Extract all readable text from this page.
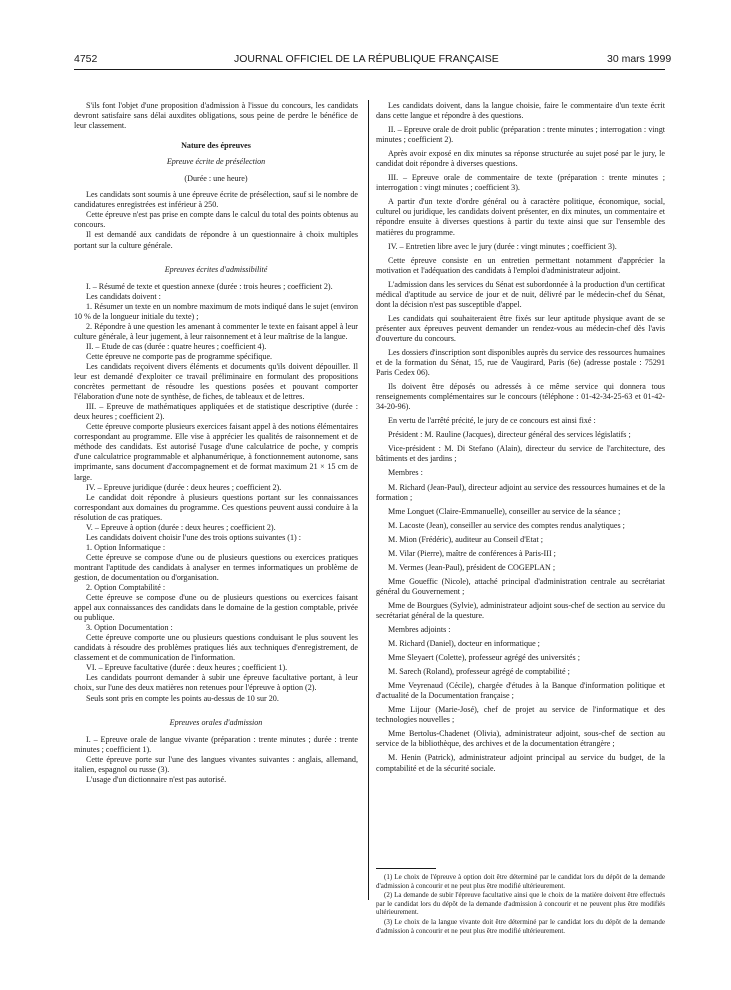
4752	JOURNAL OFFICIEL DE LA RÉPUBLIQUE FRANÇAISE	30 mars 1999

S'ils font l'objet d'une proposition d'admission à l'issue du concours, les candidats devront satisfaire sans délai auxdites obligations, sous peine de perdre le bénéfice de leur classement.

Nature des épreuves
Epreuve écrite de présélection
(Durée : une heure)

Les candidats sont soumis à une épreuve écrite de présélection, sauf si le nombre de candidatures enregistrées est inférieur à 250.

Cette épreuve n'est pas prise en compte dans le calcul du total des points obtenus au concours.

Il est demandé aux candidats de répondre à un questionnaire à choix multiples portant sur la culture générale.

Epreuves écrites d'admissibilité

I. – Résumé de texte et question annexe (durée : trois heures ; coefficient 2).

Les candidats doivent :

1. Résumer un texte en un nombre maximum de mots indiqué dans le sujet (environ 10 % de la longueur initiale du texte) ;

2. Répondre à une question les amenant à commenter le texte en faisant appel à leur culture générale, à leur jugement, à leur raisonnement et à leur maîtrise de la langue.

II. – Etude de cas (durée : quatre heures ; coefficient 4).

Cette épreuve ne comporte pas de programme spécifique.

Les candidats reçoivent divers éléments et documents qu'ils doivent dépouiller. Il leur est demandé d'exploiter ce travail préliminaire en formulant des propositions concrètes permettant de résoudre les questions posées et pouvant comporter l'élaboration d'une note de synthèse, de fiches, de tableaux et de lettres.

III. – Epreuve de mathématiques appliquées et de statistique descriptive (durée : deux heures ; coefficient 2).

Cette épreuve comporte plusieurs exercices faisant appel à des notions élémentaires correspondant au programme. Elle vise à apprécier les qualités de raisonnement et de méthode des candidats. Est autorisé l'usage d'une calculatrice de poche, y compris d'une calculatrice programmable et alphanumérique, à fonctionnement autonome, sans imprimante, sans document d'accompagnement et de format maximum 21 × 15 cm de large.

IV. – Epreuve juridique (durée : deux heures ; coefficient 2).

Le candidat doit répondre à plusieurs questions portant sur les connaissances correspondant aux domaines du programme. Ces questions peuvent aussi conduire à la résolution de cas pratiques.

V. – Epreuve à option (durée : deux heures ; coefficient 2).

Les candidats doivent choisir l'une des trois options suivantes (1) :

1. Option Informatique :

Cette épreuve se compose d'une ou de plusieurs questions ou exercices pratiques montrant l'aptitude des candidats à analyser en termes informatiques un problème de gestion, de documentation ou d'organisation.

2. Option Comptabilité :

Cette épreuve se compose d'une ou de plusieurs questions ou exercices faisant appel aux connaissances des candidats dans le domaine de la gestion comptable, privée ou publique.

3. Option Documentation :

Cette épreuve comporte une ou plusieurs questions conduisant le plus souvent les candidats à résoudre des problèmes pratiques liés aux techniques d'enregistrement, de classement et de communication de l'information.

VI. – Epreuve facultative (durée : deux heures ; coefficient 1).

Les candidats pourront demander à subir une épreuve facultative portant, à leur choix, sur l'une des deux matières non retenues pour l'épreuve à option (2).

Seuls sont pris en compte les points au-dessus de 10 sur 20.

Epreuves orales d'admission

I. – Epreuve orale de langue vivante (préparation : trente minutes ; durée : trente minutes ; coefficient 1).

Cette épreuve porte sur l'une des langues vivantes suivantes : anglais, allemand, italien, espagnol ou russe (3).

L'usage d'un dictionnaire n'est pas autorisé.

Les candidats doivent, dans la langue choisie, faire le commentaire d'un texte écrit dans cette langue et répondre à des questions.

II. – Epreuve orale de droit public (préparation : trente minutes ; interrogation : vingt minutes ; coefficient 2).

Après avoir exposé en dix minutes sa réponse structurée au sujet posé par le jury, le candidat doit répondre à diverses questions.

III. – Epreuve orale de commentaire de texte (préparation : trente minutes ; interrogation : vingt minutes ; coefficient 3).

A partir d'un texte d'ordre général ou à caractère politique, économique, social, culturel ou juridique, les candidats doivent présenter, en dix minutes, un commentaire et répondre ensuite à diverses questions à partir du texte ainsi que sur l'ensemble des matières du programme.

IV. – Entretien libre avec le jury (durée : vingt minutes ; coefficient 3).

Cette épreuve consiste en un entretien permettant notamment d'apprécier la motivation et l'adéquation des candidats à l'emploi d'administrateur adjoint.

L'admission dans les services du Sénat est subordonnée à la production d'un certificat médical d'aptitude au service de jour et de nuit, délivré par le médecin-chef du Sénat, dont la décision n'est pas susceptible d'appel.

Les candidats qui souhaiteraient être fixés sur leur aptitude physique avant de se présenter aux épreuves peuvent demander un rendez-vous au médecin-chef dès l'avis d'ouverture du concours.

Les dossiers d'inscription sont disponibles auprès du service des ressources humaines et de la formation du Sénat, 15, rue de Vaugirard, Paris (6e) (adresse postale : 75291 Paris Cedex 06).

Ils doivent être déposés ou adressés à ce même service qui donnera tous renseignements complémentaires sur le concours (téléphone : 01-42-34-25-63 et 01-42-34-20-96).

En vertu de l'arrêté précité, le jury de ce concours est ainsi fixé :

Président : M. Rauline (Jacques), directeur général des services législatifs ;

Vice-président : M. Di Stefano (Alain), directeur du service de l'architecture, des bâtiments et des jardins ;

Membres :

M. Richard (Jean-Paul), directeur adjoint au service des ressources humaines et de la formation ;

Mme Longuet (Claire-Emmanuelle), conseiller au service de la séance ;

M. Lacoste (Jean), conseiller au service des comptes rendus analytiques ;

M. Mion (Frédéric), auditeur au Conseil d'Etat ;

M. Vilar (Pierre), maître de conférences à Paris-III ;

M. Vermes (Jean-Paul), président de COGEPLAN ;

Mme Goueffic (Nicole), attaché principal d'administration centrale au secrétariat général du Gouvernement ;

Mme de Bourgues (Sylvie), administrateur adjoint sous-chef de section au service du secrétariat général de la questure.

Membres adjoints :

M. Richard (Daniel), docteur en informatique ;

Mme Sleyaert (Colette), professeur agrégé des universités ;

M. Sarech (Roland), professeur agrégé de comptabilité ;

Mme Veyrenaud (Cécile), chargée d'études à la Banque d'information politique et d'actualité de la Documentation française ;

Mme Lijour (Marie-José), chef de projet au service de l'informatique et des technologies nouvelles ;

Mme Bertolus-Chadenet (Olivia), administrateur adjoint, sous-chef de section au service de la bibliothèque, des archives et de la documentation étrangère ;

M. Henin (Patrick), administrateur adjoint principal au service du budget, de la comptabilité et de la sécurité sociale.

(1) Le choix de l'épreuve à option doit être déterminé par le candidat lors du dépôt de la demande d'admission à concourir et ne peut plus être modifié ultérieurement.

(2) La demande de subir l'épreuve facultative ainsi que le choix de la matière doivent être effectués par le candidat lors du dépôt de la demande d'admission à concourir et ne peuvent plus être modifiés ultérieurement.

(3) Le choix de la langue vivante doit être déterminé par le candidat lors du dépôt de la demande d'admission à concourir et ne peut plus être modifié ultérieurement.
